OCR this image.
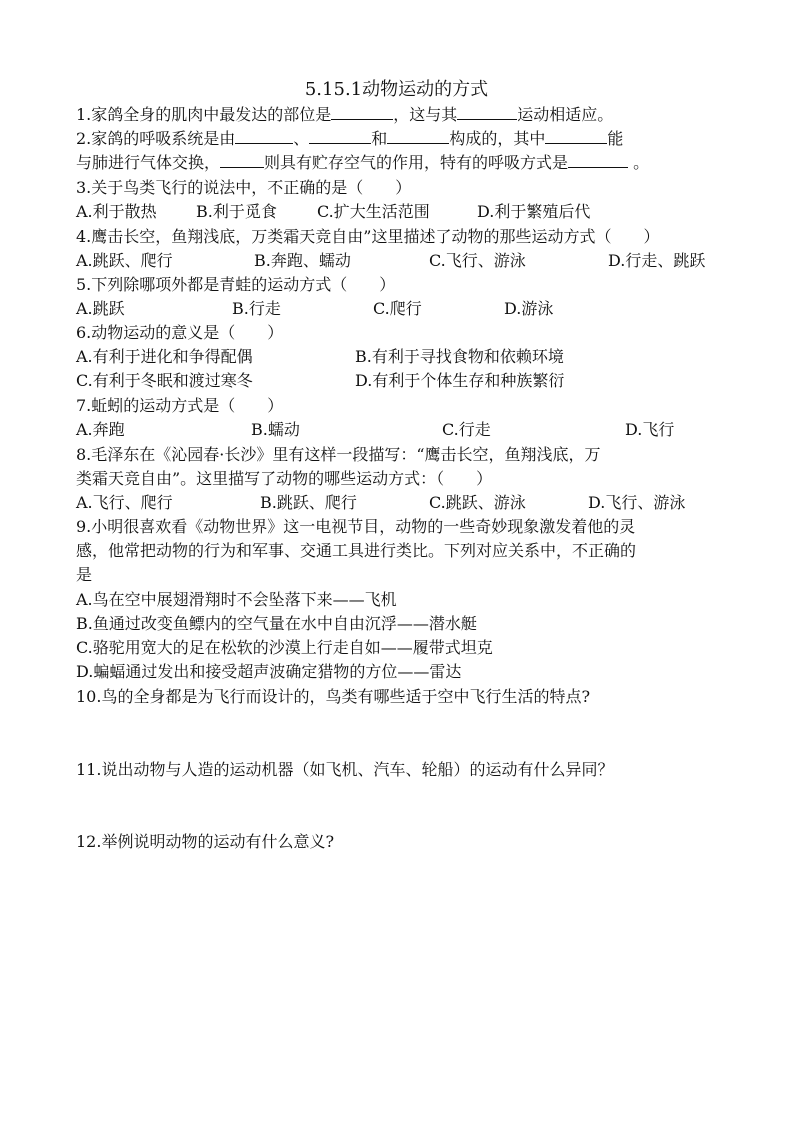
5.15.1动物运动的方式
1.家鸽全身的肌肉中最发达的部位是	，这与其	运动相适应。
2.家鸽的呼吸系统是由	、	和	构成的，其中	能
与肺进行气体交换，	则具有贮存空气的作用，特有的呼吸方式是	。
3.关于鸟类飞行的说法中，不正确的是（　　）
A.利于散热 B.利于觅食	C.扩大生活范围	D.利于繁殖后代
4.鹰击长空，鱼翔浅底，万类霜天竞自由”这里描述了动物的那些运动方式（　　）
A.跳跃、爬行	B.奔跑、蠕动	C.飞行、游泳	D.行走、跳跃
5.下列除哪项外都是青蛙的运动方式（　　）
A.跳跃	B.行走	C.爬行	D.游泳
6.动物运动的意义是（　　）
A.有利于进化和争得配偶	B.有利于寻找食物和依赖环境
C.有利于冬眠和渡过寒冬	D.有利于个体生存和种族繁衍
7.蚯蚓的运动方式是（　　）
A.奔跑	B.蠕动	C.行走	D.飞行
8.毛泽东在《沁园春·长沙》里有这样一段描写：“鹰击长空，鱼翔浅底，万
类霜天竞自由”。这里描写了动物的哪些运动方式：（　　）
A.飞行、爬行	B.跳跃、爬行	C.跳跃、游泳	D.飞行、游泳
9.小明很喜欢看《动物世界》这一电视节目，动物的一些奇妙现象激发着他的灵
感，他常把动物的行为和军事、交通工具进行类比。下列对应关系中，不正确的
是
A.鸟在空中展翅滑翔时不会坠落下来——飞机
B.鱼通过改变鱼鳔内的空气量在水中自由沉浮——潜水艇
C.骆驼用宽大的足在松软的沙漠上行走自如——履带式坦克
D.蝙蝠通过发出和接受超声波确定猎物的方位——雷达
10.鸟的全身都是为飞行而设计的，鸟类有哪些适于空中飞行生活的特点?
11.说出动物与人造的运动机器（如飞机、汽车、轮船）的运动有什么异同？
12.举例说明动物的运动有什么意义?
